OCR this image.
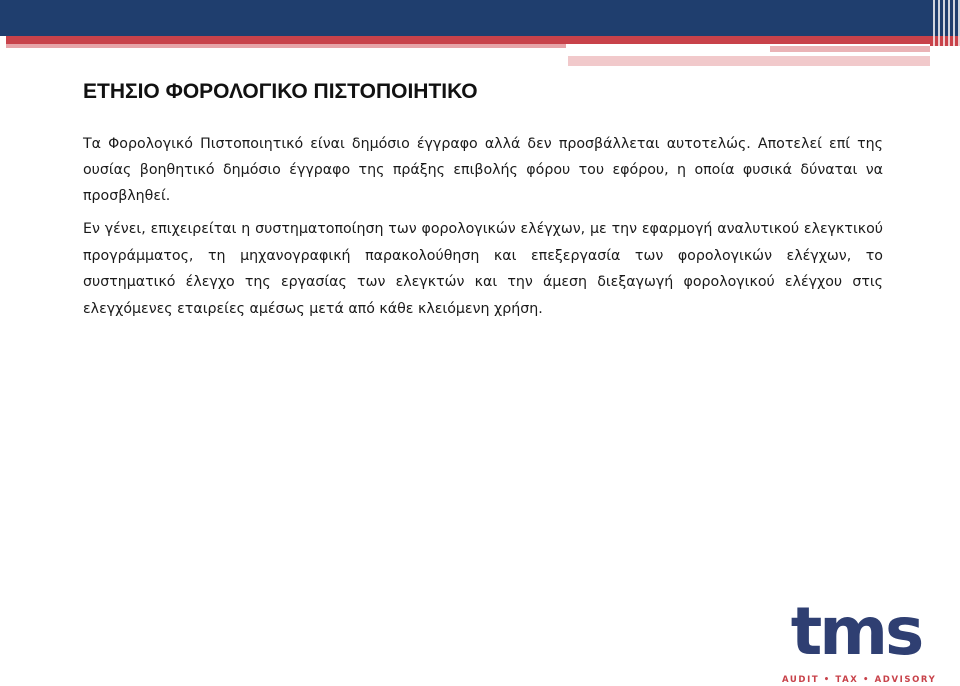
ΕΤΗΣΙΟ ΦΟΡΟΛΟΓΙΚΟ ΠΙΣΤΟΠΟΙΗΤΙΚΟ

Τα Φορολογικό Πιστοποιητικό είναι δημόσιο έγγραφο αλλά δεν προσβάλλεται αυτοτελώς. Αποτελεί επί της ουσίας βοηθητικό δημόσιο έγγραφο της πράξης επιβολής φόρου του εφόρου, η οποία φυσικά δύναται να προσβληθεί.

Εν γένει, επιχειρείται η συστηματοποίηση των φορολογικών ελέγχων, με την εφαρμογή αναλυτικού ελεγκτικού προγράμματος, τη μηχανογραφική παρακολούθηση και επεξεργασία των φορολογικών ελέγχων, το συστηματικό έλεγχο της εργασίας των ελεγκτών και την άμεση διεξαγωγή φορολογικού ελέγχου στις ελεγχόμενες εταιρείες αμέσως μετά από κάθε κλειόμενη χρήση.

tms
AUDIT • TAX • ADVISORY
